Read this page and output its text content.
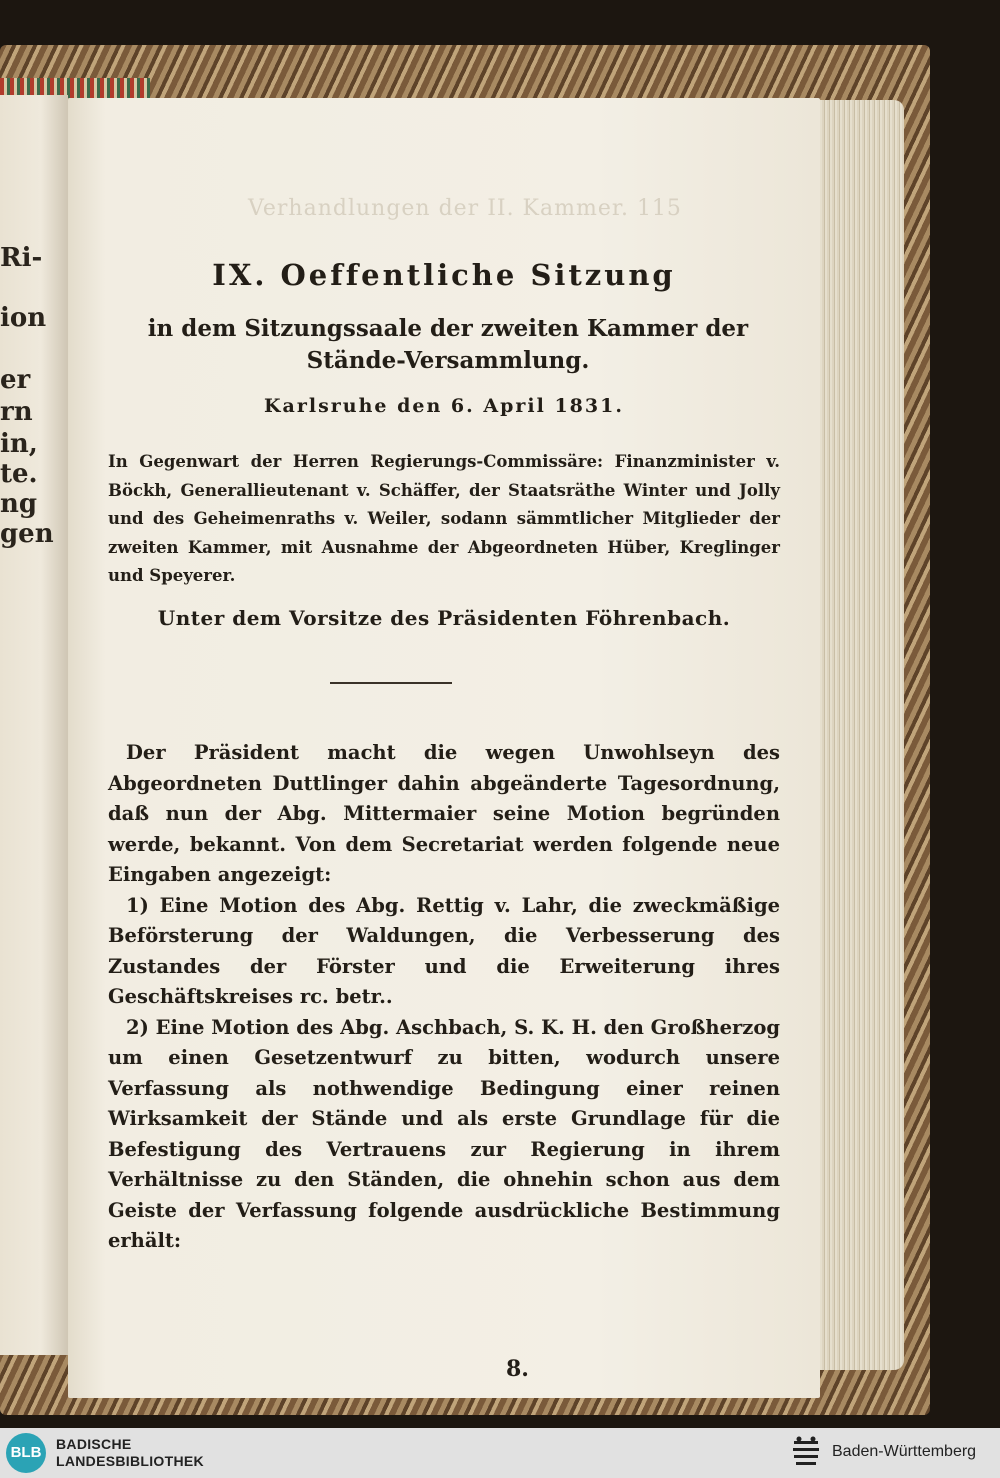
Ri-
ion
er
rn
in,
te.
ng
gen
Verhandlungen der II. Kammer. 115
IX. Oeffentliche Sitzung
in dem Sitzungssaale der zweiten Kammer der Stände-Versammlung.
Karlsruhe den 6. April 1831.
In Gegenwart der Herren Regierungs-Commissäre: Finanzminister v. Böckh, Generallieutenant v. Schäffer, der Staatsräthe Winter und Jolly und des Geheimenraths v. Weiler, sodann sämmtlicher Mitglieder der zweiten Kammer, mit Ausnahme der Abgeordneten Hüber, Kreglinger und Speyerer.
Unter dem Vorsitze des Präsidenten Föhrenbach.

Der Präsident macht die wegen Unwohlseyn des Abgeordneten Duttlinger dahin abgeänderte Tagesordnung, daß nun der Abg. Mittermaier seine Motion begründen werde, bekannt. Von dem Secretariat werden folgende neue Eingaben angezeigt:

1) Eine Motion des Abg. Rettig v. Lahr, die zweckmäßige Beförsterung der Waldungen, die Verbesserung des Zustandes der Förster und die Erweiterung ihres Geschäftskreises rc. betr..

2) Eine Motion des Abg. Aschbach, S. K. H. den Großherzog um einen Gesetzentwurf zu bitten, wodurch unsere Verfassung als nothwendige Bedingung einer reinen Wirksamkeit der Stände und als erste Grundlage für die Befestigung des Vertrauens zur Regierung in ihrem Verhältnisse zu den Ständen, die ohnehin schon aus dem Geiste der Verfassung folgende ausdrückliche Bestimmung erhält:

8.
BLB	BADISCHE
LANDESBIBLIOTHEK
Baden-Württemberg
